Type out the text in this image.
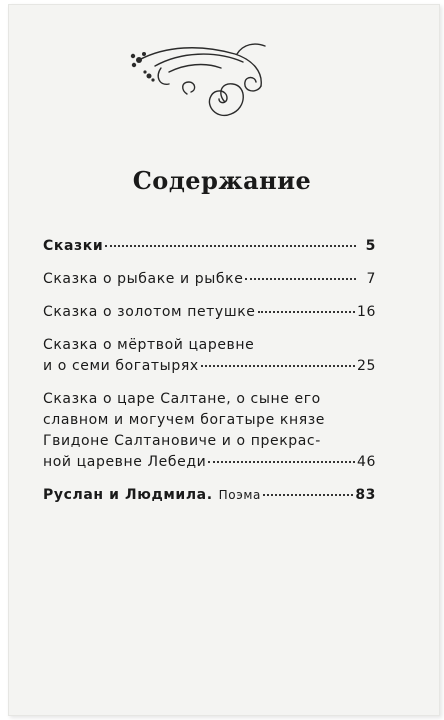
Содержание
Сказки	5
Сказка о рыбаке и рыбке	7
Сказка о золотом петушке	16
Сказка о мёртвой царевне
и о семи богатырях	25
Сказка о царе Салтане, о сыне его
славном и могучем богатыре князе
Гвидоне Салтановиче и о прекрас-
ной царевне Лебеди	46
Руслан и Людмила. Поэма	83
